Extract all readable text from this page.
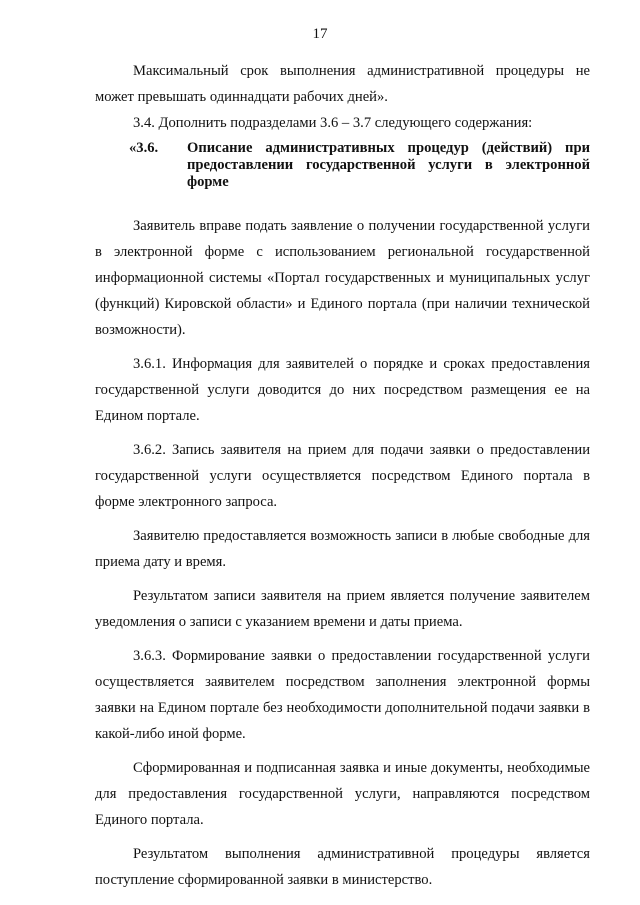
17

Максимальный срок выполнения административной процедуры не может превышать одиннадцати рабочих дней».

3.4. Дополнить подразделами 3.6 – 3.7 следующего содержания:

«3.6.	Описание административных процедур (действий) при предоставлении государственной услуги в электронной форме

Заявитель вправе подать заявление о получении государственной услуги в электронной форме с использованием региональной государственной информационной системы «Портал государственных и муниципальных услуг (функций) Кировской области» и Единого портала (при наличии технической возможности).

3.6.1. Информация для заявителей о порядке и сроках предоставления государственной услуги доводится до них посредством размещения ее на Едином портале.

3.6.2. Запись заявителя на прием для подачи заявки о предоставлении государственной услуги осуществляется посредством Единого портала в форме электронного запроса.

Заявителю предоставляется возможность записи в любые свободные для приема дату и время.

Результатом записи заявителя на прием является получение заявителем уведомления о записи с указанием времени и даты приема.

3.6.3. Формирование заявки о предоставлении государственной услуги осуществляется заявителем посредством заполнения электронной формы заявки на Едином портале без необходимости дополнительной подачи заявки в какой-либо иной форме.

Сформированная и подписанная заявка и иные документы, необходимые для предоставления государственной услуги, направляются посредством Единого портала.

Результатом выполнения административной процедуры является поступление сформированной заявки в министерство.
